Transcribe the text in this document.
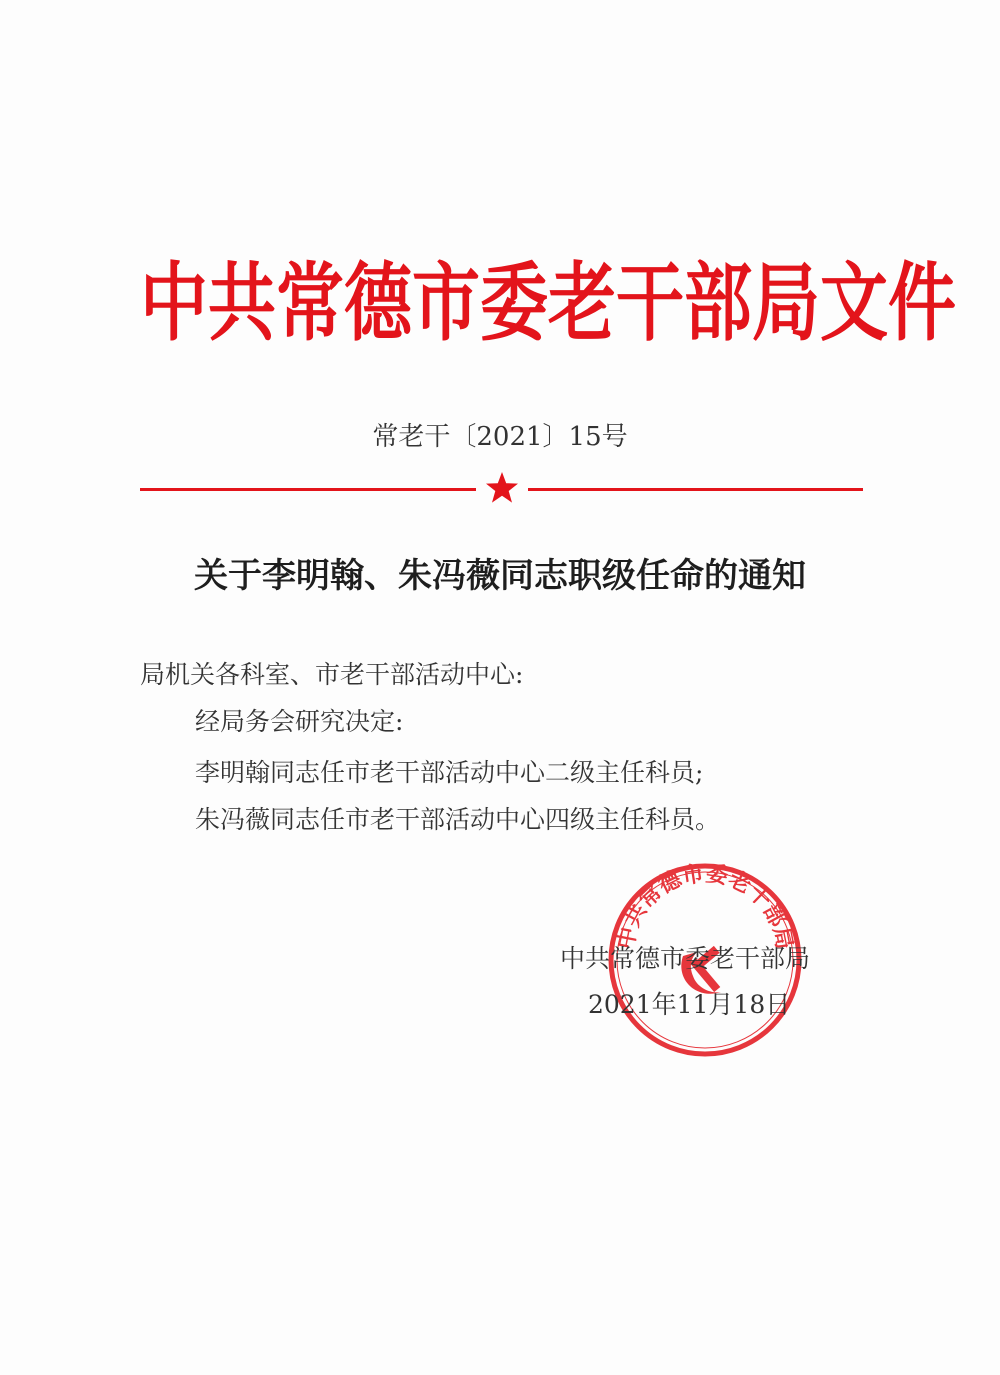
中共常德市委老干部局文件
常老干〔2021〕15号
关于李明翰、朱冯薇同志职级任命的通知
局机关各科室、市老干部活动中心:
经局务会研究决定:
李明翰同志任市老干部活动中心二级主任科员;
朱冯薇同志任市老干部活动中心四级主任科员。
中共常德市委老干部局
中共常德市委老干部局
2021年11月18日
